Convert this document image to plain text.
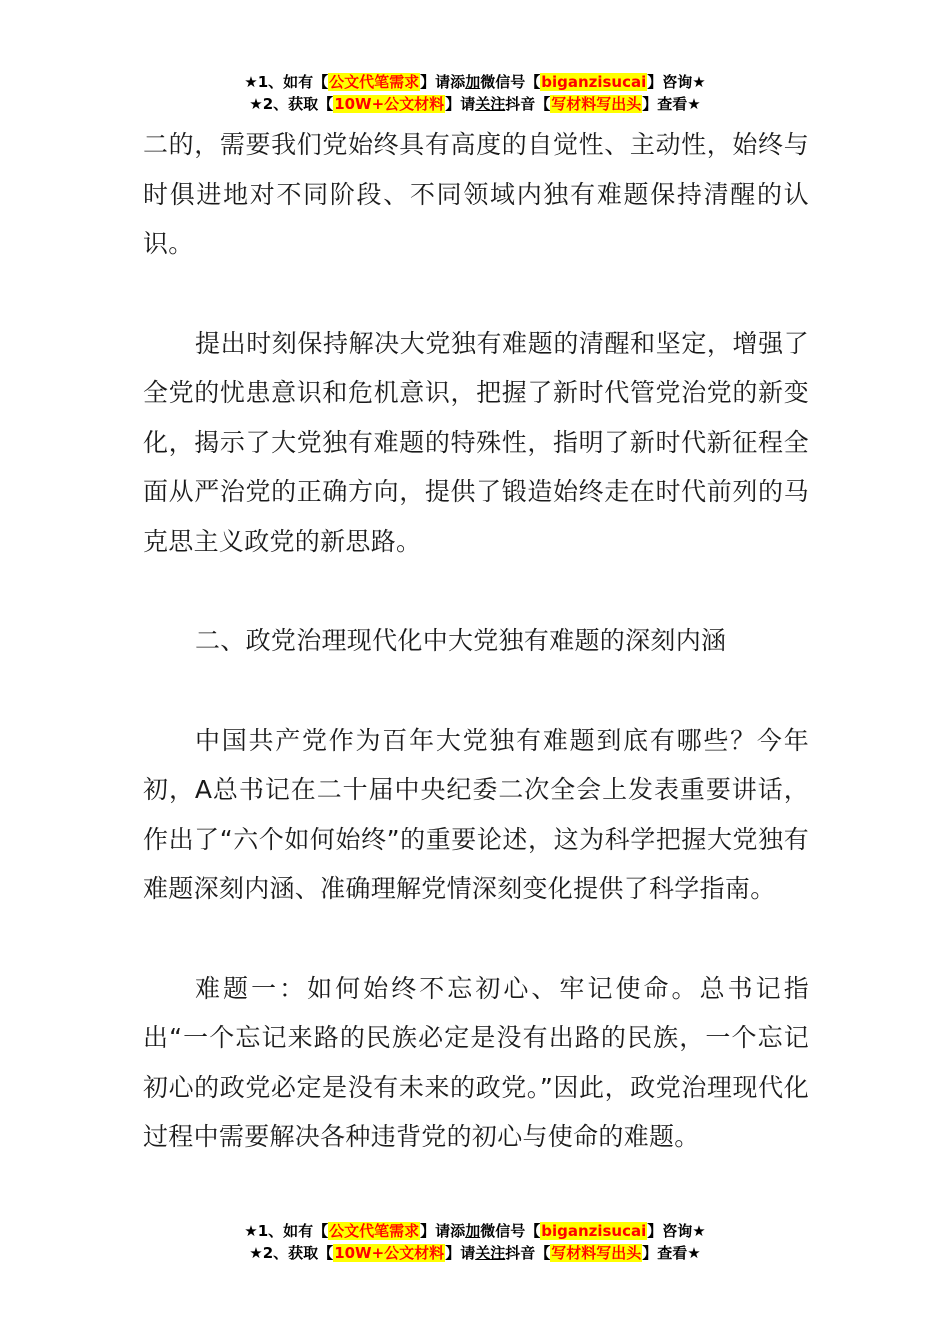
★1、如有【公文代笔需求】请添加微信号【biganzisucai】咨询★
★2、获取【10W+公文材料】请关注抖音【写材料写出头】查看★

二的，需要我们党始终具有高度的自觉性、主动性，始终与时俱进地对不同阶段、不同领域内独有难题保持清醒的认识。

提出时刻保持解决大党独有难题的清醒和坚定，增强了全党的忧患意识和危机意识，把握了新时代管党治党的新变化，揭示了大党独有难题的特殊性，指明了新时代新征程全面从严治党的正确方向，提供了锻造始终走在时代前列的马克思主义政党的新思路。

二、政党治理现代化中大党独有难题的深刻内涵

中国共产党作为百年大党独有难题到底有哪些？今年初，A总书记在二十届中央纪委二次全会上发表重要讲话，作出了“六个如何始终”的重要论述，这为科学把握大党独有难题深刻内涵、准确理解党情深刻变化提供了科学指南。

难题一：如何始终不忘初心、牢记使命。总书记指出“一个忘记来路的民族必定是没有出路的民族，一个忘记初心的政党必定是没有未来的政党。”因此，政党治理现代化过程中需要解决各种违背党的初心与使命的难题。

★1、如有【公文代笔需求】请添加微信号【biganzisucai】咨询★
★2、获取【10W+公文材料】请关注抖音【写材料写出头】查看★
